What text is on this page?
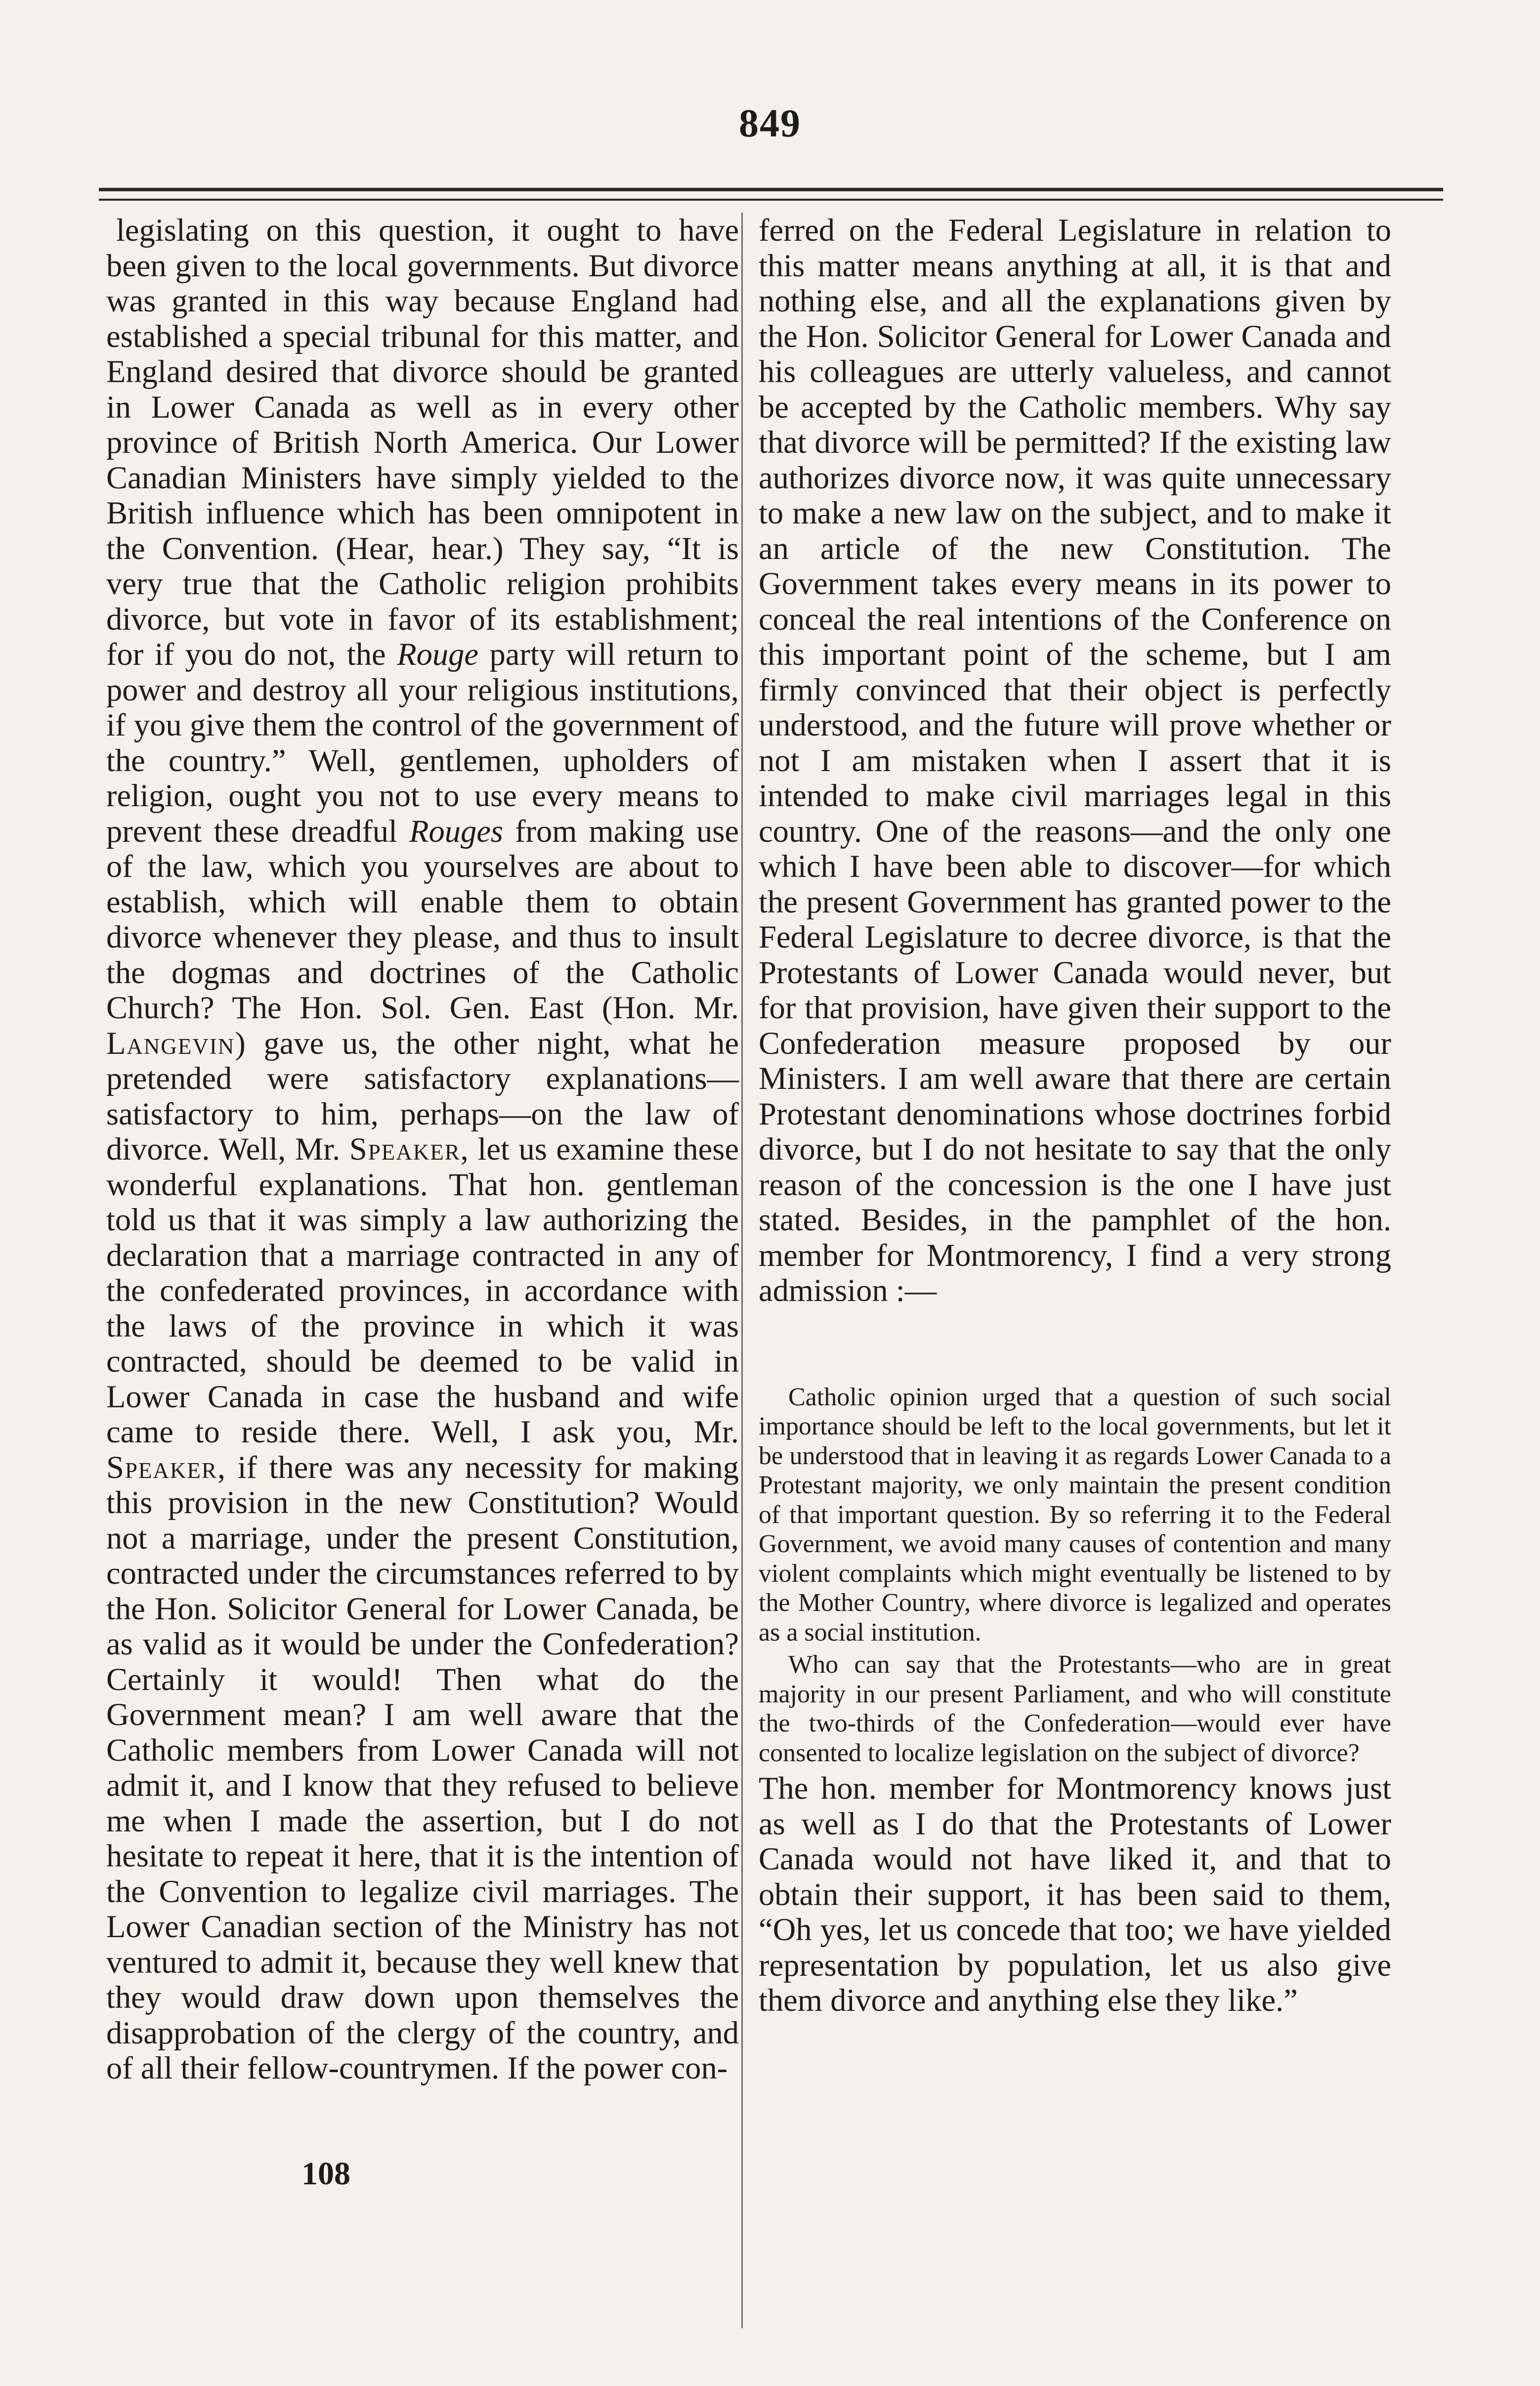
849

legislating on this question, it ought to have been given to the local governments. But divorce was granted in this way because England had established a special tribunal for this matter, and England desired that divorce should be granted in Lower Canada as well as in every other province of British North America. Our Lower Canadian Ministers have simply yielded to the British influence which has been omnipotent in the Convention. (Hear, hear.) They say, “It is very true that the Catholic religion prohibits divorce, but vote in favor of its establishment; for if you do not, the Rouge party will return to power and destroy all your religious institutions, if you give them the control of the government of the country.” Well, gentlemen, upholders of religion, ought you not to use every means to prevent these dreadful Rouges from making use of the law, which you yourselves are about to establish, which will enable them to obtain divorce whenever they please, and thus to insult the dogmas and doctrines of the Catholic Church? The Hon. Sol. Gen. East (Hon. Mr. Langevin) gave us, the other night, what he pretended were satisfactory explanations—satisfactory to him, perhaps—on the law of divorce. Well, Mr. Speaker, let us examine these wonderful explanations. That hon. gentleman told us that it was simply a law authorizing the declaration that a marriage contracted in any of the confederated provinces, in accordance with the laws of the province in which it was contracted, should be deemed to be valid in Lower Canada in case the husband and wife came to reside there. Well, I ask you, Mr. Speaker, if there was any necessity for making this provision in the new Constitution? Would not a marriage, under the present Constitution, contracted under the circumstances referred to by the Hon. Solicitor General for Lower Canada, be as valid as it would be under the Confederation? Certainly it would! Then what do the Government mean? I am well aware that the Catholic members from Lower Canada will not admit it, and I know that they refused to believe me when I made the assertion, but I do not hesitate to repeat it here, that it is the intention of the Convention to legalize civil marriages. The Lower Canadian section of the Ministry has not ventured to admit it, because they well knew that they would draw down upon themselves the disapprobation of the clergy of the country, and of all their fellow-countrymen. If the power con-

ferred on the Federal Legislature in relation to this matter means anything at all, it is that and nothing else, and all the explanations given by the Hon. Solicitor General for Lower Canada and his colleagues are utterly valueless, and cannot be accepted by the Catholic members. Why say that divorce will be permitted? If the existing law authorizes divorce now, it was quite unnecessary to make a new law on the subject, and to make it an article of the new Constitution. The Government takes every means in its power to conceal the real intentions of the Conference on this important point of the scheme, but I am firmly convinced that their object is perfectly understood, and the future will prove whether or not I am mistaken when I assert that it is intended to make civil marriages legal in this country. One of the reasons—and the only one which I have been able to discover—for which the present Government has granted power to the Federal Legislature to decree divorce, is that the Protestants of Lower Canada would never, but for that provision, have given their support to the Confederation measure proposed by our Ministers. I am well aware that there are certain Protestant denominations whose doctrines forbid divorce, but I do not hesitate to say that the only reason of the concession is the one I have just stated. Besides, in the pamphlet of the hon. member for Montmorency, I find a very strong admission :—

Catholic opinion urged that a question of such social importance should be left to the local governments, but let it be understood that in leaving it as regards Lower Canada to a Protestant majority, we only maintain the present condition of that important question. By so referring it to the Federal Government, we avoid many causes of contention and many violent complaints which might eventually be listened to by the Mother Country, where divorce is legalized and operates as a social institution.

Who can say that the Protestants—who are in great majority in our present Parliament, and who will constitute the two-thirds of the Confederation—would ever have consented to localize legislation on the subject of divorce?

The hon. member for Montmorency knows just as well as I do that the Protestants of Lower Canada would not have liked it, and that to obtain their support, it has been said to them, “Oh yes, let us concede that too; we have yielded representation by population, let us also give them divorce and anything else they like.”

108
